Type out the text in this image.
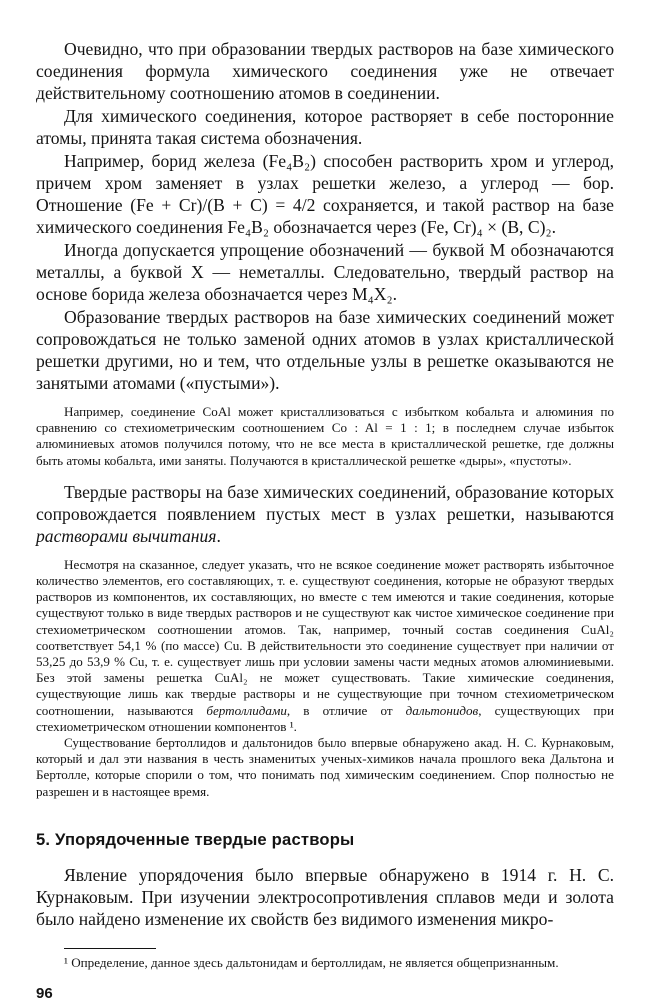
Очевидно, что при образовании твердых растворов на базе химического соединения формула химического соединения уже не отвечает действительному соотношению атомов в соединении.

Для химического соединения, которое растворяет в себе посторонние атомы, принята такая система обозначения.

Например, борид железа (Fe₄B₂) способен растворить хром и углерод, причем хром заменяет в узлах решетки железо, а углерод — бор. Отношение (Fe + Cr)/(B + C) = 4/2 сохраняется, и такой раствор на базе химического соединения Fe₄B₂ обозначается через (Fe, Cr)₄ × (B, C)₂.

Иногда допускается упрощение обозначений — буквой M обозначаются металлы, а буквой X — неметаллы. Следовательно, твердый раствор на основе борида железа обозначается через M₄X₂.

Образование твердых растворов на базе химических соединений может сопровождаться не только заменой одних атомов в узлах кристаллической решетки другими, но и тем, что отдельные узлы в решетке оказываются не занятыми атомами («пустыми»).

Например, соединение CoAl может кристаллизоваться с избытком кобальта и алюминия по сравнению со стехиометрическим соотношением Co : Al = 1 : 1; в последнем случае избыток алюминиевых атомов получился потому, что не все места в кристаллической решетке, где должны быть атомы кобальта, ими заняты. Получаются в кристаллической решетке «дыры», «пустоты».

Твердые растворы на базе химических соединений, образование которых сопровождается появлением пустых мест в узлах решетки, называются растворами вычитания.

Несмотря на сказанное, следует указать, что не всякое соединение может растворять избыточное количество элементов, его составляющих, т. е. существуют соединения, которые не образуют твердых растворов из компонентов, их составляющих, но вместе с тем имеются и такие соединения, которые существуют только в виде твердых растворов и не существуют как чистое химическое соединение при стехиометрическом соотношении атомов. Так, например, точный состав соединения CuAl₂ соответствует 54,1 % (по массе) Cu. В действительности это соединение существует при наличии от 53,25 до 53,9 % Cu, т. е. существует лишь при условии замены части медных атомов алюминиевыми. Без этой замены решетка CuAl₂ не может существовать. Такие химические соединения, существующие лишь как твердые растворы и не существующие при точном стехиометрическом соотношении, называются бертоллидами, в отличие от дальтонидов, существующих при стехиометрическом отношении компонентов ¹.

Существование бертоллидов и дальтонидов было впервые обнаружено акад. Н. С. Курнаковым, который и дал эти названия в честь знаменитых ученых-химиков начала прошлого века Дальтона и Бертолле, которые спорили о том, что понимать под химическим соединением. Спор полностью не разрешен и в настоящее время.

5. Упорядоченные твердые растворы

Явление упорядочения было впервые обнаружено в 1914 г. Н. С. Курнаковым. При изучении электросопротивления сплавов меди и золота было найдено изменение их свойств без видимого изменения микро-

¹ Определение, данное здесь дальтонидам и бертоллидам, не является общепризнанным.

96
